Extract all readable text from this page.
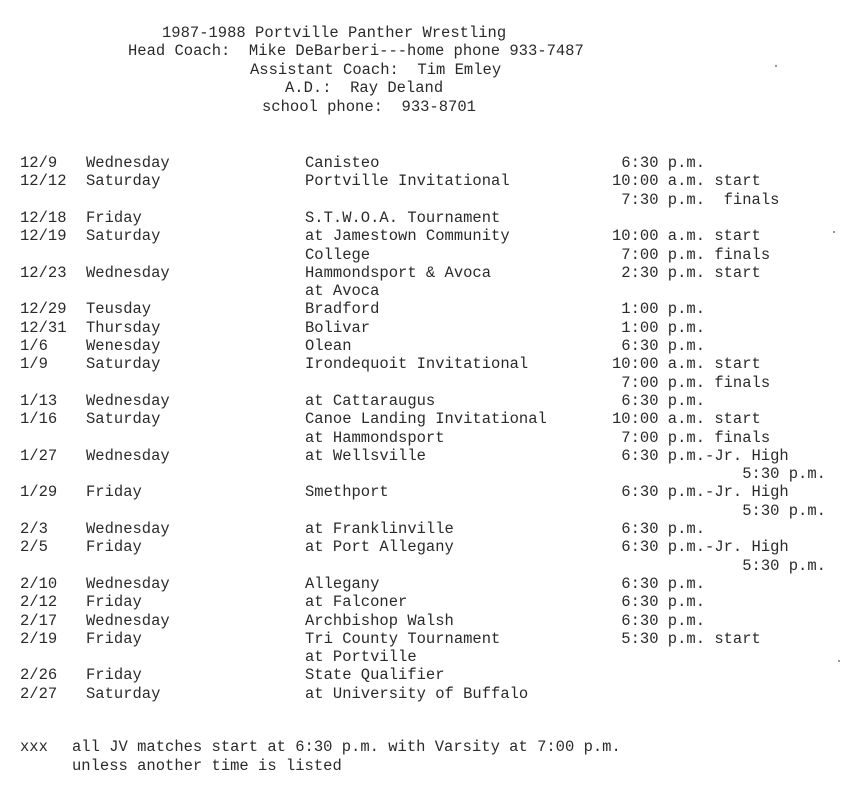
1987-1988 Portville Panther Wrestling
Head Coach:  Mike DeBarberi---home phone 933-7487
Assistant Coach:  Tim Emley
A.D.:  Ray Deland
school phone:  933-8701
12/9 Wednesday	Canisteo	6:30 p.m.
12/12 Saturday	Portville Invitational	10:00 a.m. start
7:30 p.m.  finals
12/18 Friday	S.T.W.O.A. Tournament
12/19 Saturday	at Jamestown Community	10:00 a.m. start
College	7:00 p.m. finals
12/23 Wednesday	Hammondsport & Avoca	2:30 p.m. start
at Avoca
12/29 Teusday	Bradford	1:00 p.m.
12/31 Thursday	Bolivar	1:00 p.m.
1/6 Wenesday	Olean	6:30 p.m.
1/9 Saturday	Irondequoit Invitational	10:00 a.m. start
7:00 p.m. finals
1/13 Wednesday	at Cattaraugus	6:30 p.m.
1/16 Saturday	Canoe Landing Invitational	10:00 a.m. start
at Hammondsport	7:00 p.m. finals
1/27 Wednesday	at Wellsville	6:30 p.m.-Jr. High
5:30 p.m.
1/29 Friday	Smethport	6:30 p.m.-Jr. High
5:30 p.m.
2/3 Wednesday	at Franklinville	6:30 p.m.
2/5 Friday	at Port Allegany	6:30 p.m.-Jr. High
5:30 p.m.
2/10 Wednesday	Allegany	6:30 p.m.
2/12 Friday	at Falconer	6:30 p.m.
2/17 Wednesday	Archbishop Walsh	6:30 p.m.
2/19 Friday	Tri County Tournament	5:30 p.m. start
at Portville
2/26 Friday	State Qualifier
2/27 Saturday	at University of Buffalo
xxx all JV matches start at 6:30 p.m. with Varsity at 7:00 p.m.
unless another time is listed
